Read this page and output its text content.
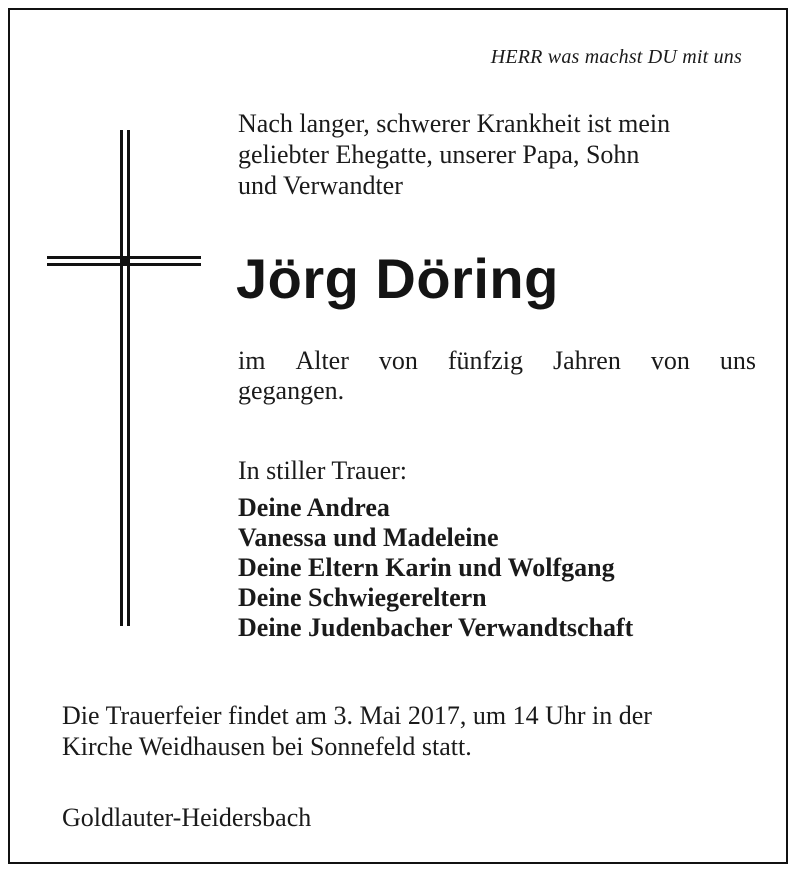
HERR was machst DU mit uns
Nach langer, schwerer Krankheit ist mein
geliebter Ehegatte, unserer Papa, Sohn
und Verwandter
Jörg Döring
im Alter von fünfzig Jahren von uns
gegangen.
In stiller Trauer:
Deine Andrea
Vanessa und Madeleine
Deine Eltern Karin und Wolfgang
Deine Schwiegereltern
Deine Judenbacher Verwandtschaft
Die Trauerfeier findet am 3. Mai 2017, um 14 Uhr in der
Kirche Weidhausen bei Sonnefeld statt.
Goldlauter-Heidersbach
